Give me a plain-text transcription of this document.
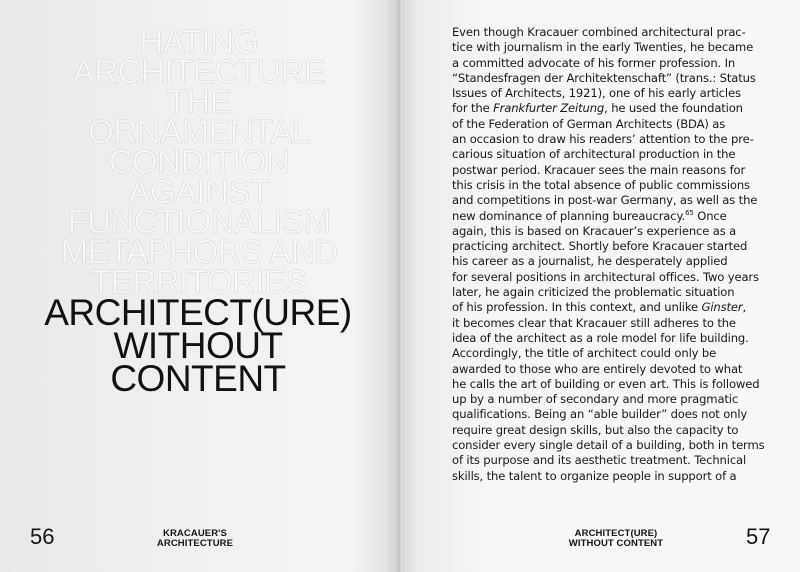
HATING
ARCHITECTURE
THE
ORNAMENTAL
CONDITION
AGAINST
FUNCTIONALISM
METAPHORS AND
TERRITORIES
ARCHITECT(URE)
WITHOUT
CONTENT
56	KRACAUER'S
ARCHITECTURE
Even though Kracauer combined architectural prac-
tice with journalism in the early Twenties, he became
a committed advocate of his former profession. In
“Standesfragen der Architektenschaft” (trans.: Status
Issues of Architects, 1921), one of his early articles
for the Frankfurter Zeitung, he used the foundation
of the Federation of German Architects (BDA) as
an occasion to draw his readers’ attention to the pre-
carious situation of architectural production in the
postwar period. Kracauer sees the main reasons for
this crisis in the total absence of public commissions
and competitions in post-war Germany, as well as the
new dominance of planning bureaucracy.$^{65}$ Once
again, this is based on Kracauer’s experience as a
practicing architect. Shortly before Kracauer started
his career as a journalist, he desperately applied
for several positions in architectural offices. Two years
later, he again criticized the problematic situation
of his profession. In this context, and unlike Ginster,
it becomes clear that Kracauer still adheres to the
idea of the architect as a role model for life building.
Accordingly, the title of architect could only be
awarded to those who are entirely devoted to what
he calls the art of building or even art. This is followed
up by a number of secondary and more pragmatic
qualifications. Being an “able builder” does not only
require great design skills, but also the capacity to
consider every single detail of a building, both in terms
of its purpose and its aesthetic treatment. Technical
skills, the talent to organize people in support of a
ARCHITECT(URE)
WITHOUT CONTENT	57
